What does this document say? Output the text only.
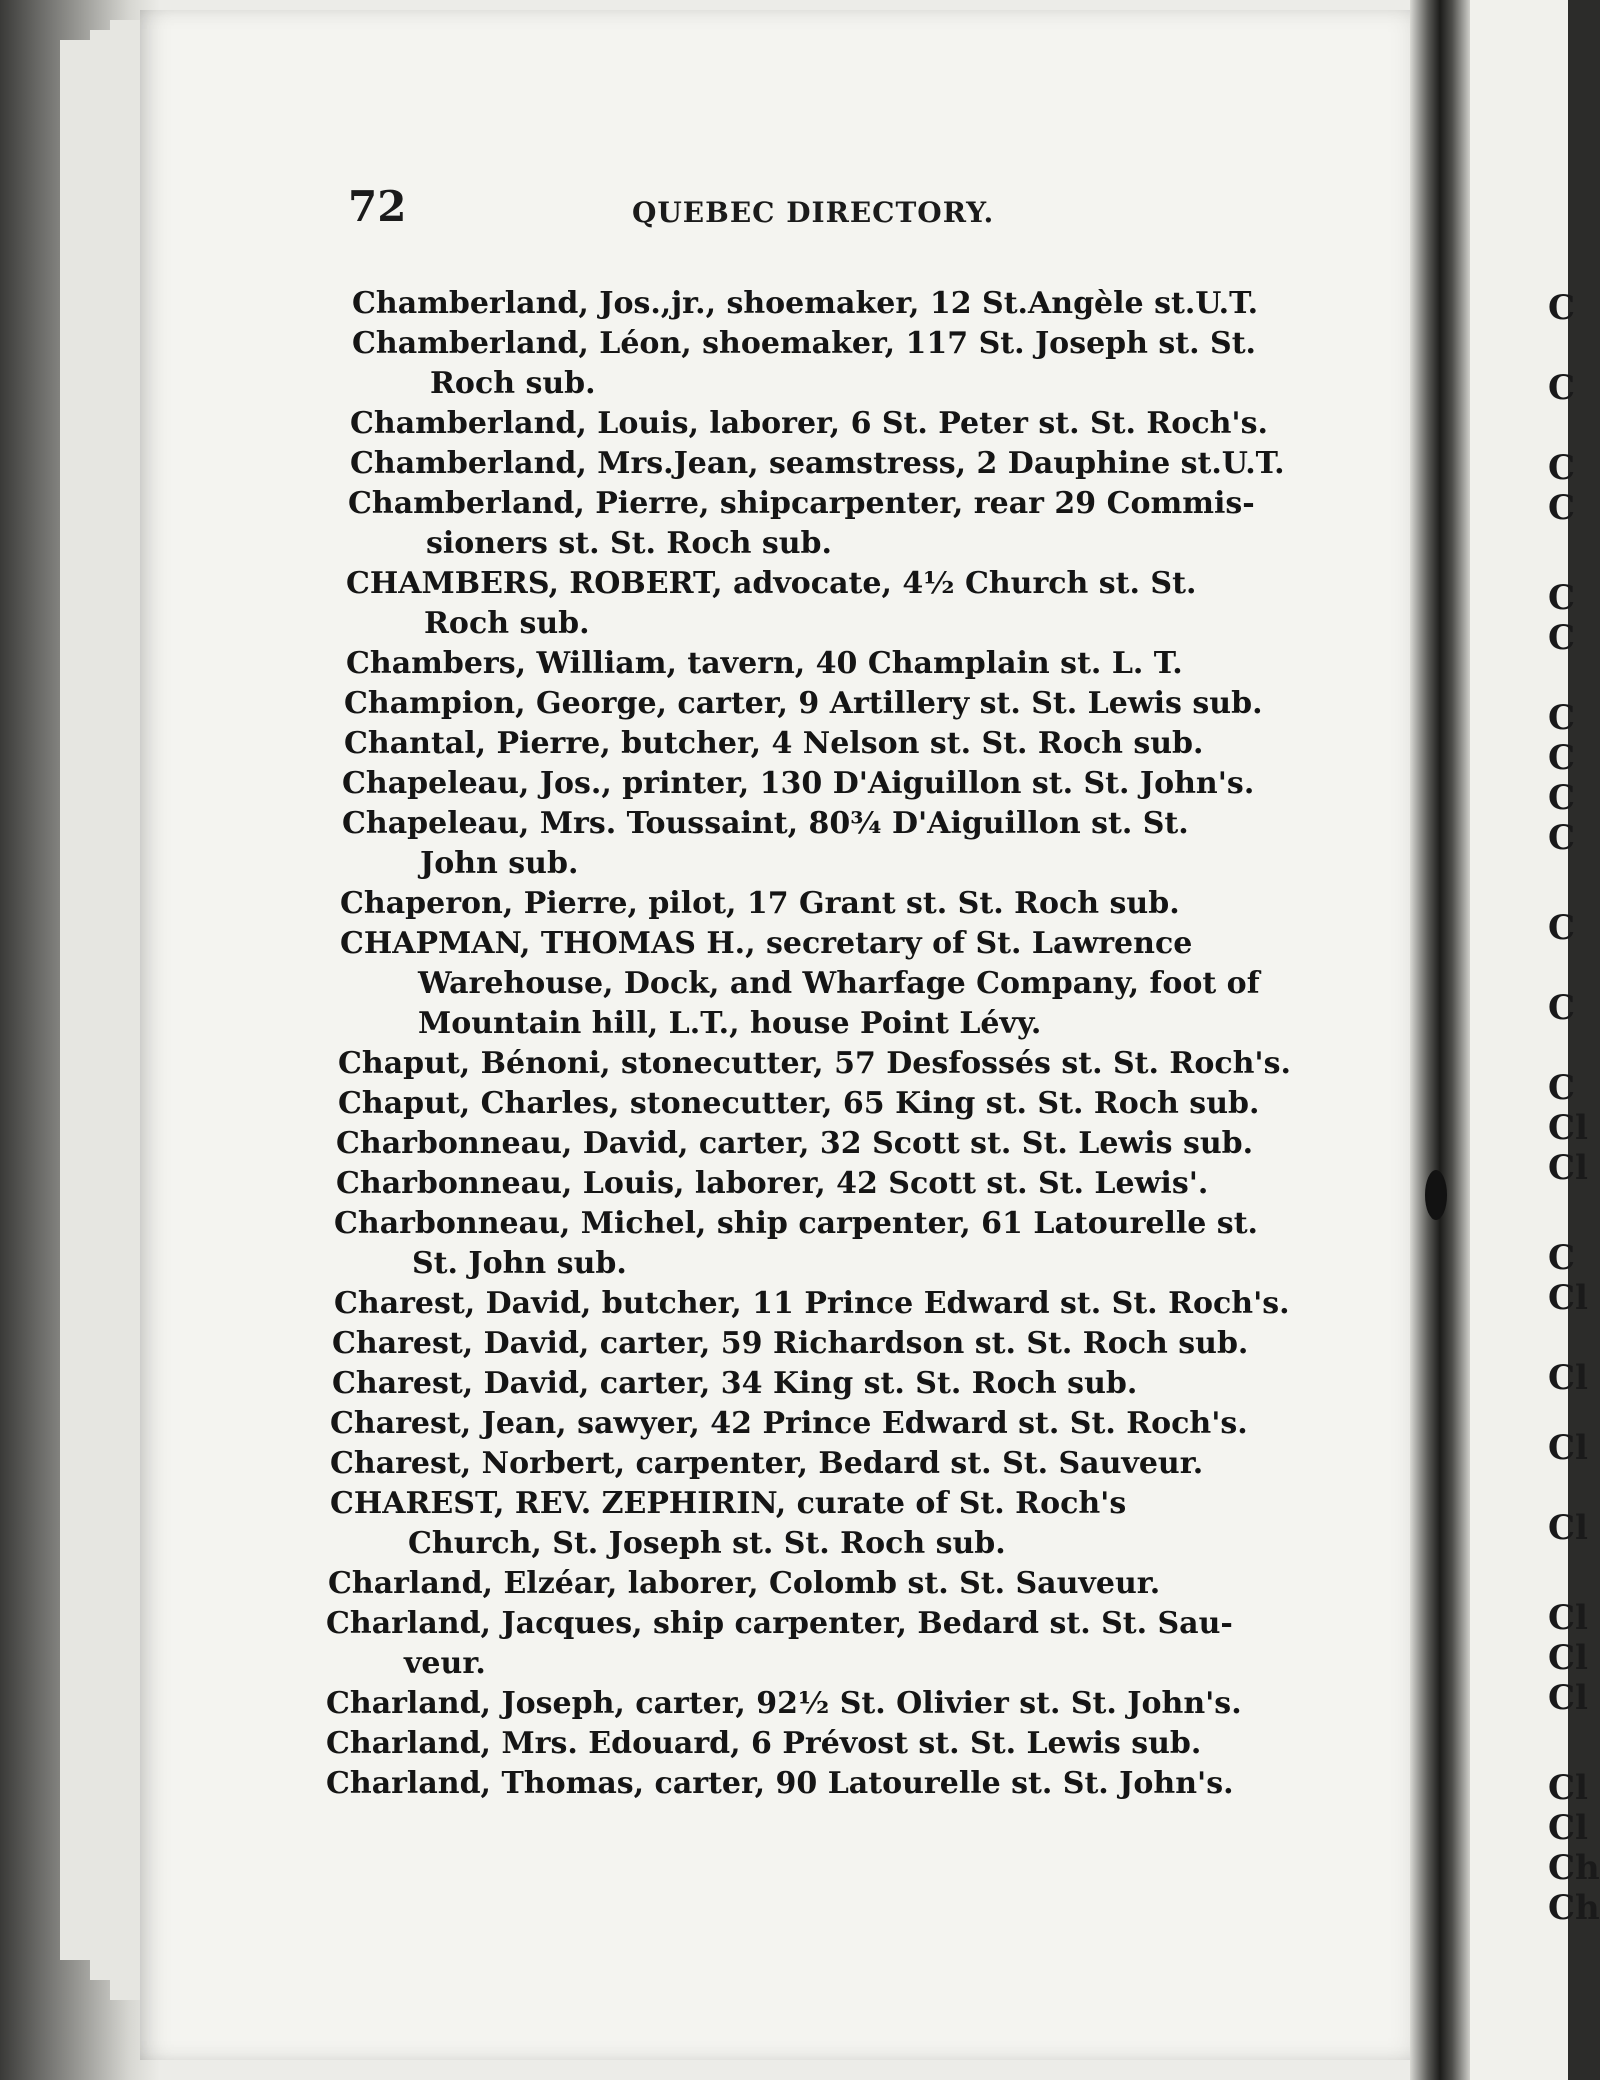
72	QUEBEC DIRECTORY.
Chamberland, Jos.,jr., shoemaker, 12 St.Angèle st.U.T.
Chamberland, Léon, shoemaker, 117 St. Joseph st. St.
Roch sub.
Chamberland, Louis, laborer, 6 St. Peter st. St. Roch's.
Chamberland, Mrs.Jean, seamstress, 2 Dauphine st.U.T.
Chamberland, Pierre, shipcarpenter, rear 29 Commis-
sioners st. St. Roch sub.
CHAMBERS, ROBERT, advocate, 4½ Church st. St.
Roch sub.
Chambers, William, tavern, 40 Champlain st. L. T.
Champion, George, carter, 9 Artillery st. St. Lewis sub.
Chantal, Pierre, butcher, 4 Nelson st. St. Roch sub.
Chapeleau, Jos., printer, 130 D'Aiguillon st. St. John's.
Chapeleau, Mrs. Toussaint, 80¾ D'Aiguillon st. St.
John sub.
Chaperon, Pierre, pilot, 17 Grant st. St. Roch sub.
CHAPMAN, THOMAS H., secretary of St. Lawrence
Warehouse, Dock, and Wharfage Company, foot of
Mountain hill, L.T., house Point Lévy.
Chaput, Bénoni, stonecutter, 57 Desfossés st. St. Roch's.
Chaput, Charles, stonecutter, 65 King st. St. Roch sub.
Charbonneau, David, carter, 32 Scott st. St. Lewis sub.
Charbonneau, Louis, laborer, 42 Scott st. St. Lewis'.
Charbonneau, Michel, ship carpenter, 61 Latourelle st.
St. John sub.
Charest, David, butcher, 11 Prince Edward st. St. Roch's.
Charest, David, carter, 59 Richardson st. St. Roch sub.
Charest, David, carter, 34 King st. St. Roch sub.
Charest, Jean, sawyer, 42 Prince Edward st. St. Roch's.
Charest, Norbert, carpenter, Bedard st. St. Sauveur.
CHAREST, REV. ZEPHIRIN, curate of St. Roch's
Church, St. Joseph st. St. Roch sub.
Charland, Elzéar, laborer, Colomb st. St. Sauveur.
Charland, Jacques, ship carpenter, Bedard st. St. Sau-
veur.
Charland, Joseph, carter, 92½ St. Olivier st. St. John's.
Charland, Mrs. Edouard, 6 Prévost st. St. Lewis sub.
Charland, Thomas, carter, 90 Latourelle st. St. John's.
C
C
C
C
C
C
C
C
C
C
C
C
C
Cl
Cl
C
Cl
Cl
Cl
Cl
Cl
Cl
Cl
Cl
Cl
Ch
Ch
